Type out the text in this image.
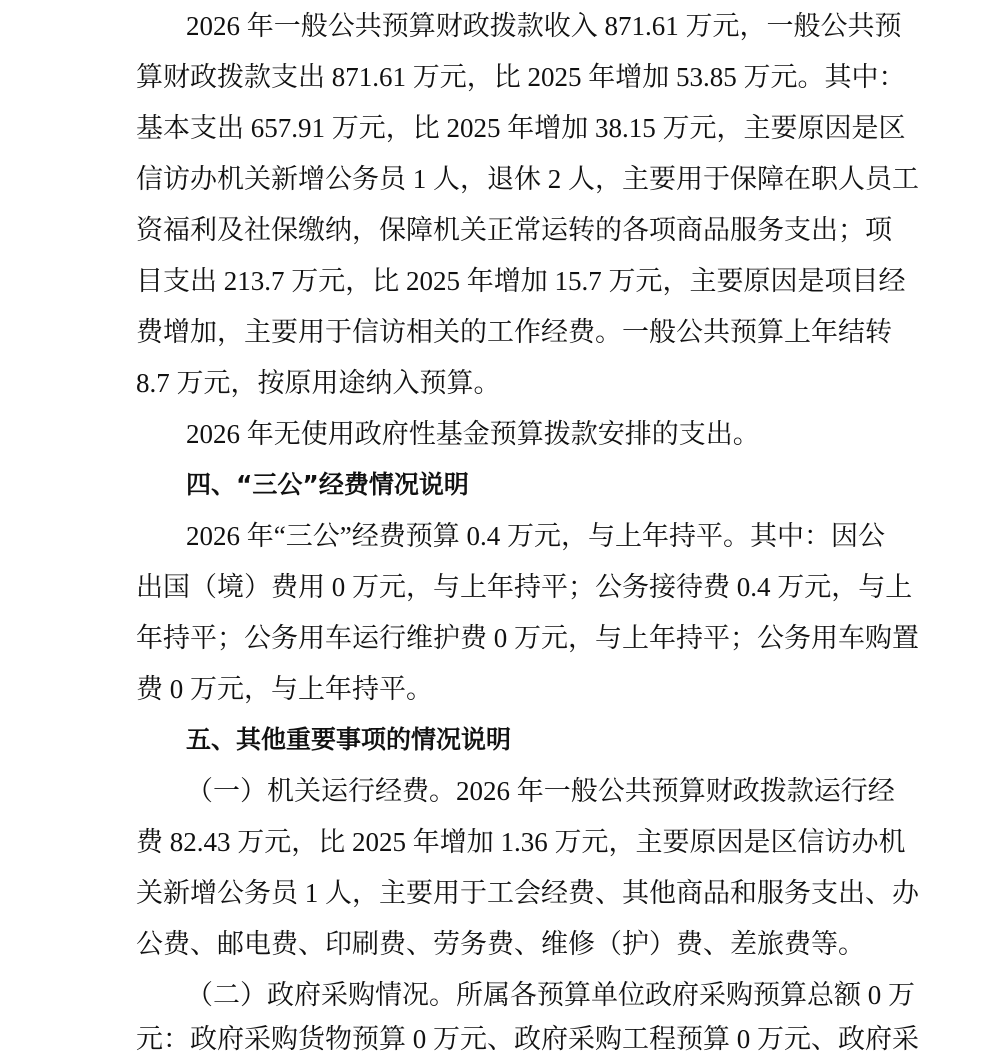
2026 年一般公共预算财政拨款收入 871.61 万元，一般公共预
算财政拨款支出 871.61 万元，比 2025 年增加 53.85 万元。其中：
基本支出 657.91 万元，比 2025 年增加 38.15 万元，主要原因是区
信访办机关新增公务员 1 人，退休 2 人，主要用于保障在职人员工
资福利及社保缴纳，保障机关正常运转的各项商品服务支出；项
目支出 213.7 万元，比 2025 年增加 15.7 万元，主要原因是项目经
费增加，主要用于信访相关的工作经费。一般公共预算上年结转
8.7 万元，按原用途纳入预算。
2026 年无使用政府性基金预算拨款安排的支出。
四、“三公”经费情况说明
2026 年“三公”经费预算 0.4 万元，与上年持平。其中：因公
出国（境）费用 0 万元，与上年持平；公务接待费 0.4 万元，与上
年持平；公务用车运行维护费 0 万元，与上年持平；公务用车购置
费 0 万元，与上年持平。
五、其他重要事项的情况说明
（一）机关运行经费。2026 年一般公共预算财政拨款运行经
费 82.43 万元，比 2025 年增加 1.36 万元，主要原因是区信访办机
关新增公务员 1 人，主要用于工会经费、其他商品和服务支出、办
公费、邮电费、印刷费、劳务费、维修（护）费、差旅费等。
（二）政府采购情况。所属各预算单位政府采购预算总额 0 万
元：政府采购货物预算 0 万元、政府采购工程预算 0 万元、政府采
